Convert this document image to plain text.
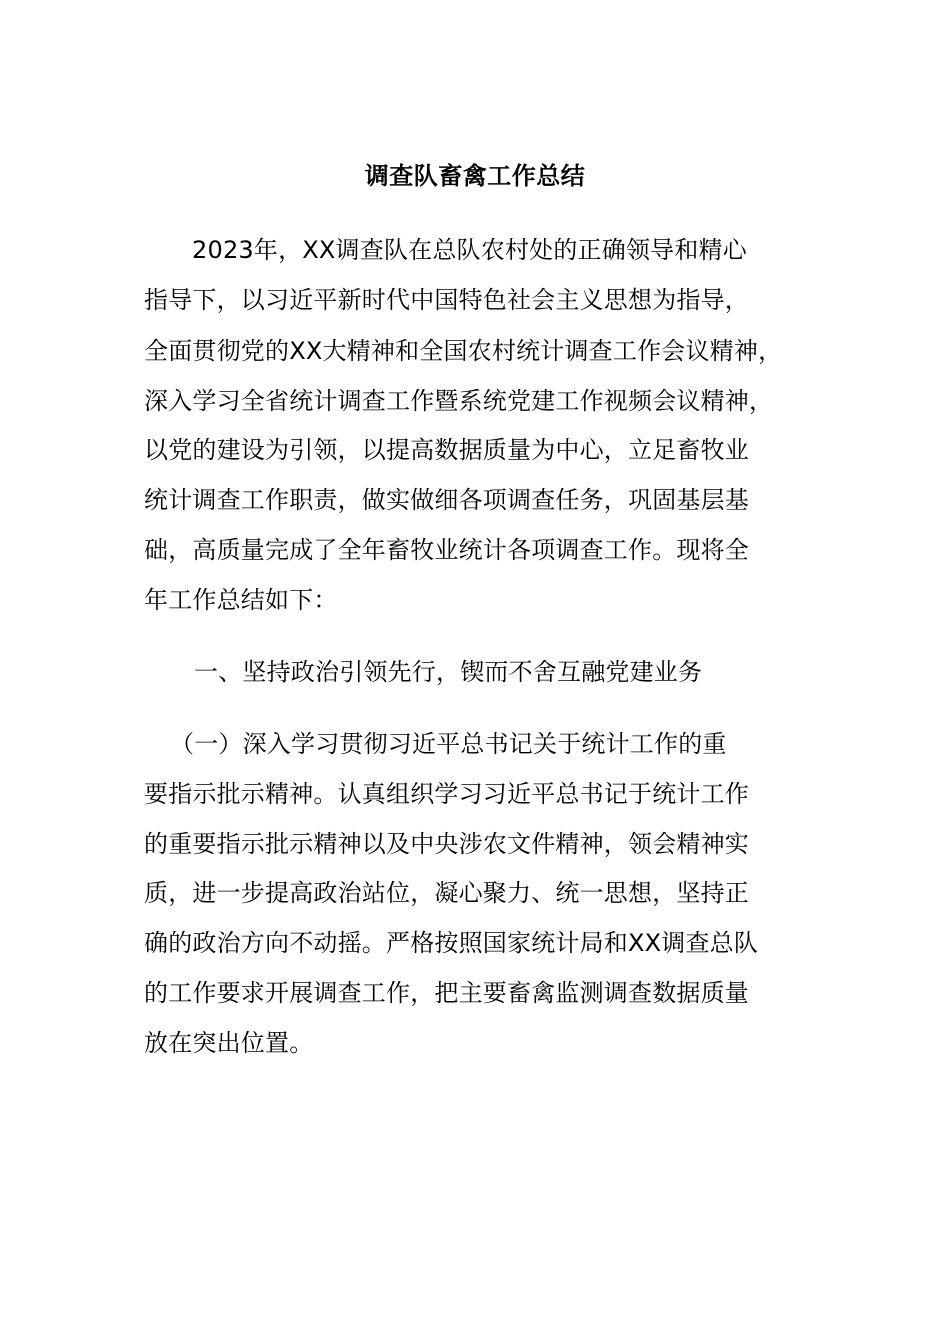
调查队畜禽工作总结
2023年，XX调查队在总队农村处的正确领导和精心
指导下，以习近平新时代中国特色社会主义思想为指导，
全面贯彻党的XX大精神和全国农村统计调查工作会议精神，
深入学习全省统计调查工作暨系统党建工作视频会议精神，
以党的建设为引领，以提高数据质量为中心，立足畜牧业
统计调查工作职责，做实做细各项调查任务，巩固基层基
础，高质量完成了全年畜牧业统计各项调查工作。现将全
年工作总结如下：
一、坚持政治引领先行，锲而不舍互融党建业务
（一）深入学习贯彻习近平总书记关于统计工作的重
要指示批示精神。认真组织学习习近平总书记于统计工作
的重要指示批示精神以及中央涉农文件精神，领会精神实
质，进一步提高政治站位，凝心聚力、统一思想，坚持正
确的政治方向不动摇。严格按照国家统计局和XX调查总队
的工作要求开展调查工作，把主要畜禽监测调查数据质量
放在突出位置。
